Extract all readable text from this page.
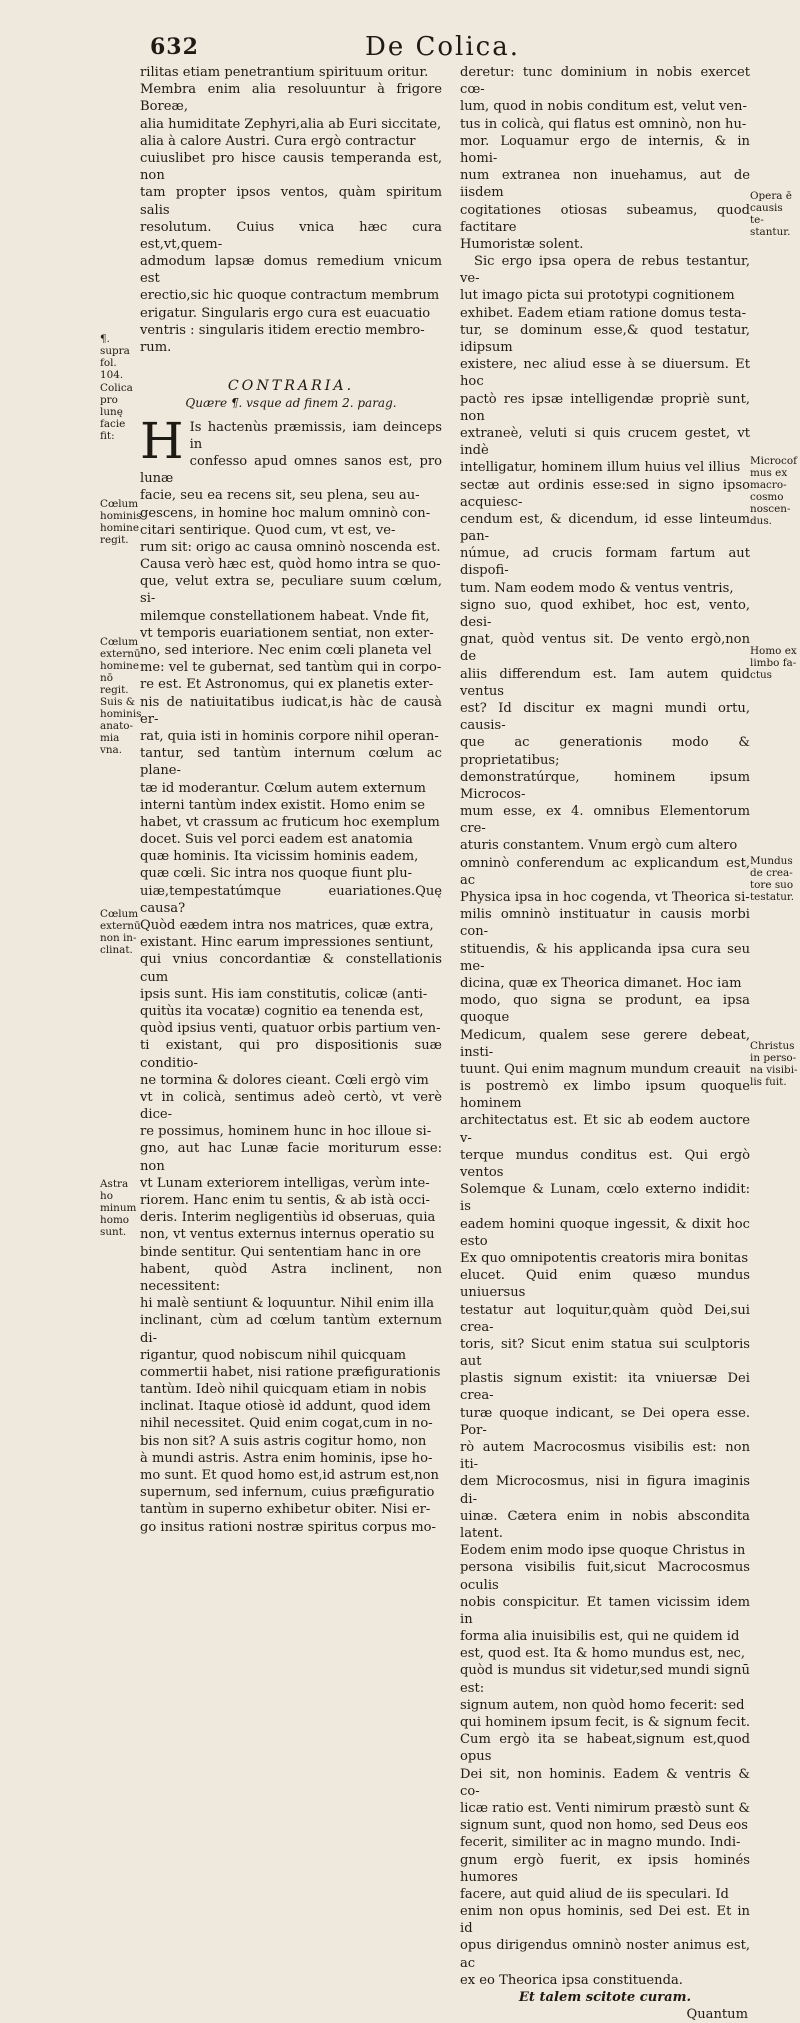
632	De Colica.
rilitas etiam penetrantium spirituum oritur.
Membra enim alia resoluuntur à frigore Boreæ,
alia humiditate Zephyri,alia ab Euri siccitate,
alia à calore Austri. Cura ergò contractur
cuiuslibet pro hisce causis temperanda est, non
tam propter ipsos ventos, quàm spiritum salis
resolutum. Cuius vnica hæc cura est,vt,quem-
admodum lapsæ domus remedium vnicum est
erectio,sic hic quoque contractum membrum
erigatur. Singularis ergo cura est euacuatio
ventris : singularis itidem erectio membro-
rum.
CONTRARIA.
Quære ¶. vsque ad finem 2. parag.
H Is hactenùs præmissis, iam deinceps in
confesso apud omnes sanos est, pro lunæ
facie, seu ea recens sit, seu plena, seu au-
gescens, in homine hoc malum omninò con-
citari sentirique. Quod cum, vt est, ve-
rum sit: origo ac causa omninò noscenda est.
Causa verò hæc est, quòd homo intra se quo-
que, velut extra se, peculiare suum cœlum, si-
milemque constellationem habeat. Vnde fit,
vt temporis euariationem sentiat, non exter-
no, sed interiore. Nec enim cœli planeta vel
me: vel te gubernat, sed tantùm qui in corpo-
re est. Et Astronomus, qui ex planetis exter-
nis de natiuitatibus iudicat,is hàc de causà er-
rat, quia isti in hominis corpore nihil operan-
tantur, sed tantùm internum cœlum ac plane-
tæ id moderantur. Cœlum autem externum
interni tantùm index existit. Homo enim se
habet, vt crassum ac fruticum hoc exemplum
docet. Suis vel porci eadem est anatomia
quæ hominis. Ita vicissim hominis eadem,
quæ cœli. Sic intra nos quoque fiunt plu-
uiæ,tempestatúmque euariationes.Quę causa?
Quòd eædem intra nos matrices, quæ extra,
existant. Hinc earum impressiones sentiunt,
qui vnius concordantiæ & constellationis cum
ipsis sunt. His iam constitutis, colicæ (anti-
quitùs ita vocatæ) cognitio ea tenenda est,
quòd ipsius venti, quatuor orbis partium ven-
ti existant, qui pro dispositionis suæ conditio-
ne tormina & dolores cieant. Cœli ergò vim
vt in colicà, sentimus adeò certò, vt verè dice-
re possimus, hominem hunc in hoc illoue si-
gno, aut hac Lunæ facie moriturum esse: non
vt Lunam exteriorem intelligas, verùm inte-
riorem. Hanc enim tu sentis, & ab istà occi-
deris. Interim negligentiùs id obseruas, quia
non, vt ventus externus internus operatio su
binde sentitur. Qui sententiam hanc in ore
habent, quòd Astra inclinent, non necessitent:
hi malè sentiunt & loquuntur. Nihil enim illa
inclinant, cùm ad cœlum tantùm externum di-
rigantur, quod nobiscum nihil quicquam
commertii habet, nisi ratione præfigurationis
tantùm. Ideò nihil quicquam etiam in nobis
inclinat. Itaque otiosè id addunt, quod idem
nihil necessitet. Quid enim cogat,cum in no-
bis non sit? A suis astris cogitur homo, non
à mundi astris. Astra enim hominis, ipse ho-
mo sunt. Et quod homo est,id astrum est,non
supernum, sed infernum, cuius præfiguratio
tantùm in superno exhibetur obiter. Nisi er-
go insitus rationi nostræ spiritus corpus mo-
deretur: tunc dominium in nobis exercet cœ-
lum, quod in nobis conditum est, velut ven-
tus in colicà, qui flatus est omninò, non hu-
mor. Loquamur ergo de internis, & in homi-
num extranea non inuehamus, aut de iisdem
cogitationes otiosas subeamus, quod factitare
Humoristæ solent.
Sic ergo ipsa opera de rebus testantur, ve-
lut imago picta sui prototypi cognitionem
exhibet. Eadem etiam ratione domus testa-
tur, se dominum esse,& quod testatur, idipsum
existere, nec aliud esse à se diuersum. Et hoc
pactò res ipsæ intelligendæ propriè sunt, non
extraneè, veluti si quis crucem gestet, vt indè
intelligatur, hominem illum huius vel illius
sectæ aut ordinis esse:sed in signo ipso acquiesc-
cendum est, & dicendum, id esse linteum pan-
númue, ad crucis formam fartum aut dispofi-
tum. Nam eodem modo & ventus ventris,
signo suo, quod exhibet, hoc est, vento, desi-
gnat, quòd ventus sit. De vento ergò,non de
aliis differendum est. Iam autem quid ventus
est? Id discitur ex magni mundi ortu, causis-
que ac generationis modo & proprietatibus;
demonstratúrque, hominem ipsum Microcos-
mum esse, ex 4. omnibus Elementorum cre-
aturis constantem. Vnum ergò cum altero
omninò conferendum ac explicandum est, ac
Physica ipsa in hoc cogenda, vt Theorica si-
milis omninò instituatur in causis morbi con-
stituendis, & his applicanda ipsa cura seu me-
dicina, quæ ex Theorica dimanet. Hoc iam
modo, quo signa se produnt, ea ipsa quoque
Medicum, qualem sese gerere debeat, insti-
tuunt. Qui enim magnum mundum creauit
is postremò ex limbo ipsum quoque hominem
architectatus est. Et sic ab eodem auctore v-
terque mundus conditus est. Qui ergò ventos
Solemque & Lunam, cœlo externo indidit: is
eadem homini quoque ingessit, & dixit hoc esto
Ex quo omnipotentis creatoris mira bonitas
elucet. Quid enim quæso mundus uniuersus
testatur aut loquitur,quàm quòd Dei,sui crea-
toris, sit? Sicut enim statua sui sculptoris aut
plastis signum existit: ita vniuersæ Dei crea-
turæ quoque indicant, se Dei opera esse. Por-
rò autem Macrocosmus visibilis est: non iti-
dem Microcosmus, nisi in figura imaginis di-
uinæ. Cætera enim in nobis abscondita latent.
Eodem enim modo ipse quoque Christus in
persona visibilis fuit,sicut Macrocosmus oculis
nobis conspicitur. Et tamen vicissim idem in
forma alia inuisibilis est, qui ne quidem id
est, quod est. Ita & homo mundus est, nec,
quòd is mundus sit videtur,sed mundi signū est:
signum autem, non quòd homo fecerit: sed
qui hominem ipsum fecit, is & signum fecit.
Cum ergò ita se habeat,signum est,quod opus
Dei sit, non hominis. Eadem & ventris & co-
licæ ratio est. Venti nimirum præstò sunt &
signum sunt, quod non homo, sed Deus eos
fecerit, similiter ac in magno mundo. Indi-
gnum ergò fuerit, ex ipsis hominés humores
facere, aut quid aliud de iis speculari. Id
enim non opus hominis, sed Dei est. Et in id
opus dirigendus omninò noster animus est, ac
ex eo Theorica ipsa constituenda.
Et talem scitote curam.
Quantum
¶. supra fol. 104.
Colica pro lunę facie fit:
Cœlum hominis homine regit.
Cœlum externū homine nō regit. Suis & hominis anato-mia vna.
Cœlum externū non in-clinat.
Astra ho minum homo sunt.
Opera ē causis te-stantur.
Microcof mus ex macro-cosmo noscen-dus.
Homo ex limbo fa-ctus
Mundus de crea-tore suo testatur.
Christus in perso-na visibi-lis fuit.
